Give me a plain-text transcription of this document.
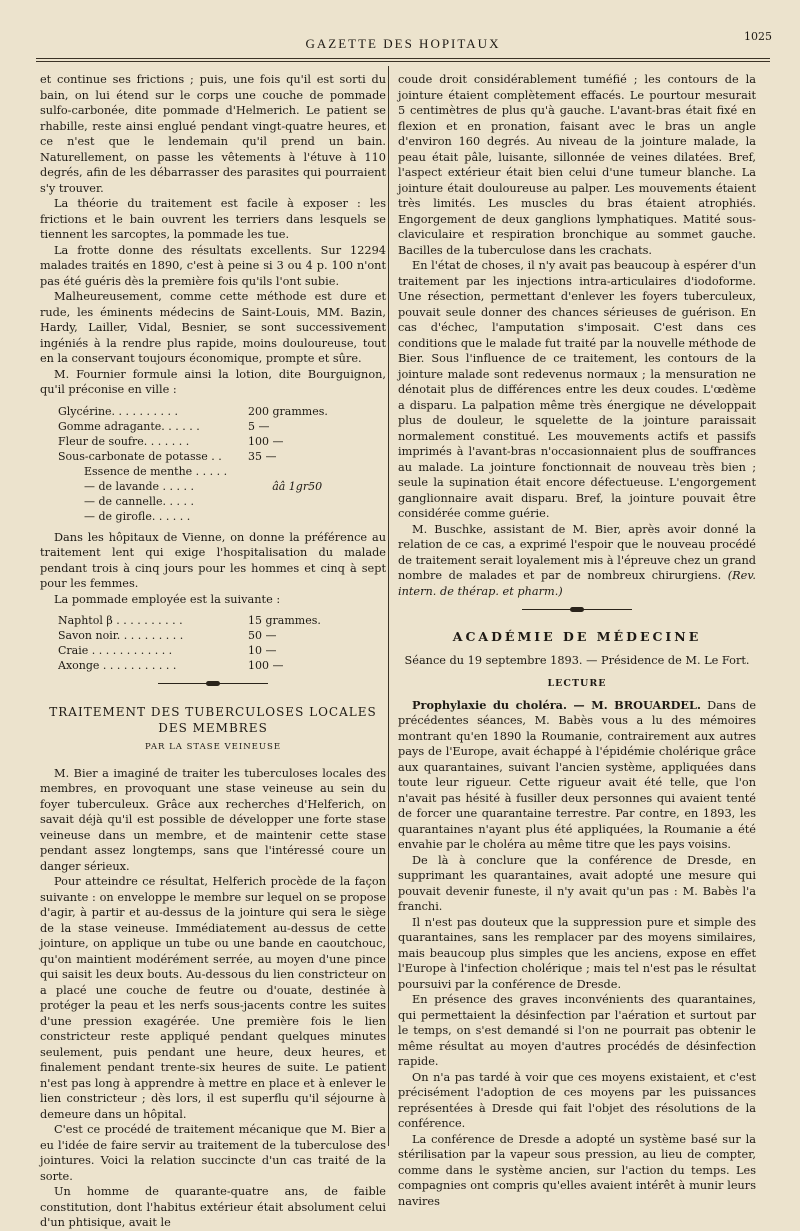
GAZETTE DES HOPITAUX	1025

et continue ses frictions ; puis, une fois qu'il est sorti du bain, on lui étend sur le corps une couche de pommade sulfo-carbonée, dite pommade d'Helmerich. Le patient se rhabille, reste ainsi englué pendant vingt-quatre heures, et ce n'est que le lendemain qu'il prend un bain. Naturellement, on passe les vêtements à l'étuve à 110 degrés, afin de les débarrasser des parasites qui pourraient s'y trouver.

La théorie du traitement est facile à exposer : les frictions et le bain ouvrent les terriers dans lesquels se tiennent les sarcoptes, la pommade les tue.

La frotte donne des résultats excellents. Sur 12294 malades traités en 1890, c'est à peine si 3 ou 4 p. 100 n'ont pas été guéris dès la première fois qu'ils l'ont subie.

Malheureusement, comme cette méthode est dure et rude, les éminents médecins de Saint-Louis, MM. Bazin, Hardy, Lailler, Vidal, Besnier, se sont successivement ingéniés à la rendre plus rapide, moins douloureuse, tout en la conservant toujours économique, prompte et sûre.

M. Fournier formule ainsi la lotion, dite Bourguignon, qu'il préconise en ville :

Glycérine. . . . . . . . . .	200 grammes.
Gomme adragante. . . . . .	5 —
Fleur de soufre. . . . . . .	100 —
Sous-carbonate de potasse . .	35 —
Essence de menthe . . . . .
— de lavande . . . . .	ââ 1gr50
— de cannelle. . . . .
— de girofle. . . . . .

Dans les hôpitaux de Vienne, on donne la préférence au traitement lent qui exige l'hospitalisation du malade pendant trois à cinq jours pour les hommes et cinq à sept pour les femmes.

La pommade employée est la suivante :

Naphtol β . . . . . . . . . .	15 grammes.
Savon noir. . . . . . . . . .	50 —
Craie . . . . . . . . . . . .	10 —
Axonge . . . . . . . . . . .	100 —
TRAITEMENT DES TUBERCULOSES LOCALES DES MEMBRES
PAR LA STASE VEINEUSE

M. Bier a imaginé de traiter les tuberculoses locales des membres, en provoquant une stase veineuse au sein du foyer tuberculeux. Grâce aux recherches d'Helferich, on savait déjà qu'il est possible de développer une forte stase veineuse dans un membre, et de maintenir cette stase pendant assez longtemps, sans que l'intéressé coure un danger sérieux.

Pour atteindre ce résultat, Helferich procède de la façon suivante : on enveloppe le membre sur lequel on se propose d'agir, à partir et au-dessus de la jointure qui sera le siège de la stase veineuse. Immédiatement au-dessus de cette jointure, on applique un tube ou une bande en caoutchouc, qu'on maintient modérément serrée, au moyen d'une pince qui saisit les deux bouts. Au-dessous du lien constricteur on a placé une couche de feutre ou d'ouate, destinée à protéger la peau et les nerfs sous-jacents contre les suites d'une pression exagérée. Une première fois le lien constricteur reste appliqué pendant quelques minutes seulement, puis pendant une heure, deux heures, et finalement pendant trente-six heures de suite. Le patient n'est pas long à apprendre à mettre en place et à enlever le lien constricteur ; dès lors, il est superflu qu'il séjourne à demeure dans un hôpital.

C'est ce procédé de traitement mécanique que M. Bier a eu l'idée de faire servir au traitement de la tuberculose des jointures. Voici la relation succincte d'un cas traité de la sorte.

Un homme de quarante-quatre ans, de faible constitution, dont l'habitus extérieur était absolument celui d'un phtisique, avait le

coude droit considérablement tuméfié ; les contours de la jointure étaient complètement effacés. Le pourtour mesurait 5 centimètres de plus qu'à gauche. L'avant-bras était fixé en flexion et en pronation, faisant avec le bras un angle d'environ 160 degrés. Au niveau de la jointure malade, la peau était pâle, luisante, sillonnée de veines dilatées. Bref, l'aspect extérieur était bien celui d'une tumeur blanche. La jointure était douloureuse au palper. Les mouvements étaient très limités. Les muscles du bras étaient atrophiés. Engorgement de deux ganglions lymphatiques. Matité sous-claviculaire et respiration bronchique au sommet gauche. Bacilles de la tuberculose dans les crachats.

En l'état de choses, il n'y avait pas beaucoup à espérer d'un traitement par les injections intra-articulaires d'iodoforme. Une résection, permettant d'enlever les foyers tuberculeux, pouvait seule donner des chances sérieuses de guérison. En cas d'échec, l'amputation s'imposait. C'est dans ces conditions que le malade fut traité par la nouvelle méthode de Bier. Sous l'influence de ce traitement, les contours de la jointure malade sont redevenus normaux ; la mensuration ne dénotait plus de différences entre les deux coudes. L'œdème a disparu. La palpation même très énergique ne développait plus de douleur, le squelette de la jointure paraissait normalement constitué. Les mouvements actifs et passifs imprimés à l'avant-bras n'occasionnaient plus de souffrances au malade. La jointure fonctionnait de nouveau très bien ; seule la supination était encore défectueuse. L'engorgement ganglionnaire avait disparu. Bref, la jointure pouvait être considérée comme guérie.

M. Buschke, assistant de M. Bier, après avoir donné la relation de ce cas, a exprimé l'espoir que le nouveau procédé de traitement serait loyalement mis à l'épreuve chez un grand nombre de malades et par de nombreux chirurgiens. (Rev. intern. de thérap. et pharm.)

ACADÉMIE DE MÉDECINE
Séance du 19 septembre 1893. — Présidence de M. Le Fort.
LECTURE

Prophylaxie du choléra. — M. BROUARDEL. Dans de précédentes séances, M. Babès vous a lu des mémoires montrant qu'en 1890 la Roumanie, contrairement aux autres pays de l'Europe, avait échappé à l'épidémie cholérique grâce aux quarantaines, suivant l'ancien système, appliquées dans toute leur rigueur. Cette rigueur avait été telle, que l'on n'avait pas hésité à fusiller deux personnes qui avaient tenté de forcer une quarantaine terrestre. Par contre, en 1893, les quarantaines n'ayant plus été appliquées, la Roumanie a été envahie par le choléra au même titre que les pays voisins.

De là à conclure que la conférence de Dresde, en supprimant les quarantaines, avait adopté une mesure qui pouvait devenir funeste, il n'y avait qu'un pas : M. Babès l'a franchi.

Il n'est pas douteux que la suppression pure et simple des quarantaines, sans les remplacer par des moyens similaires, mais beaucoup plus simples que les anciens, expose en effet l'Europe à l'infection cholérique ; mais tel n'est pas le résultat poursuivi par la conférence de Dresde.

En présence des graves inconvénients des quarantaines, qui permettaient la désinfection par l'aération et surtout par le temps, on s'est demandé si l'on ne pourrait pas obtenir le même résultat au moyen d'autres procédés de désinfection rapide.

On n'a pas tardé à voir que ces moyens existaient, et c'est précisément l'adoption de ces moyens par les puissances représentées à Dresde qui fait l'objet des résolutions de la conférence.

La conférence de Dresde a adopté un système basé sur la stérilisation par la vapeur sous pression, au lieu de compter, comme dans le système ancien, sur l'action du temps. Les compagnies ont compris qu'elles avaient intérêt à munir leurs navires
